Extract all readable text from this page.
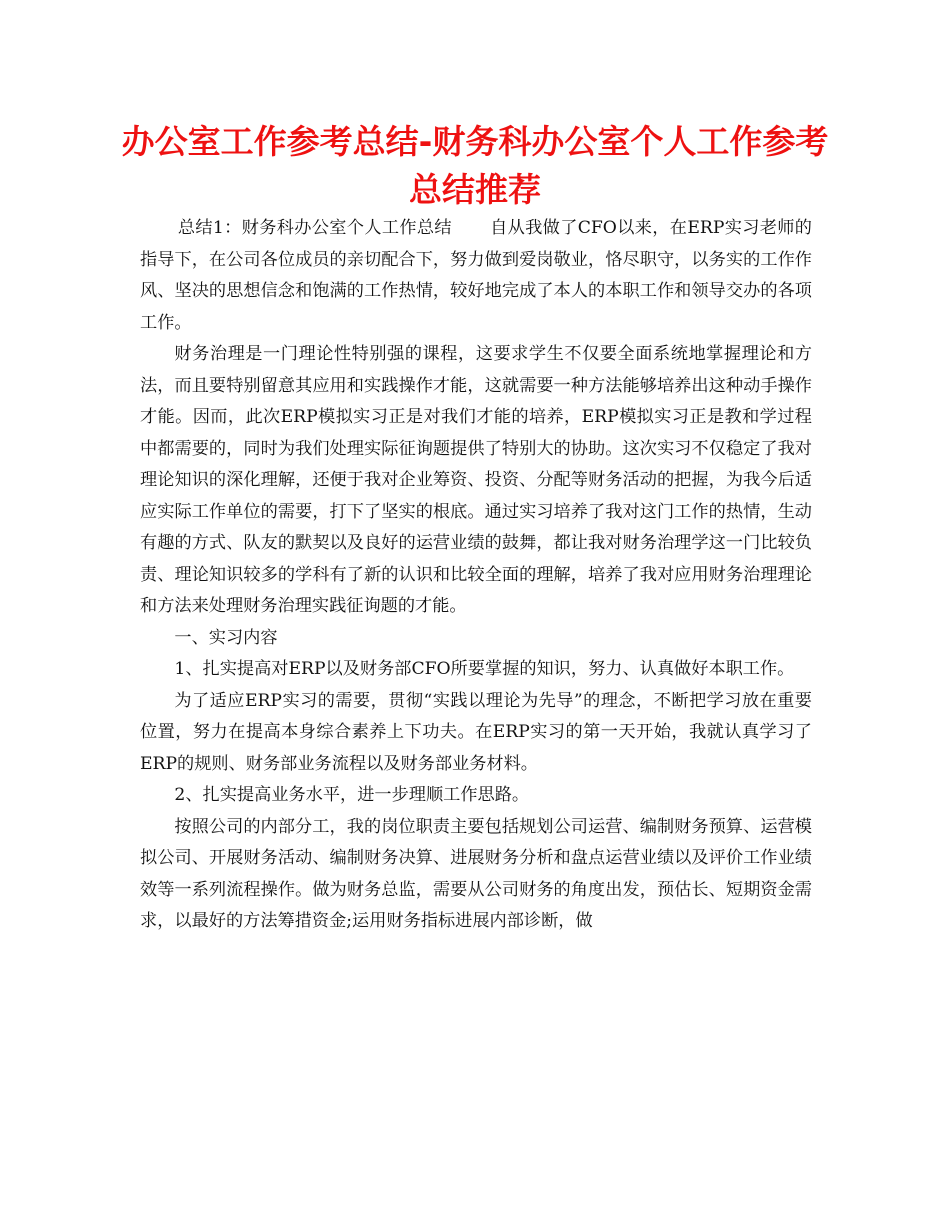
办公室工作参考总结-财务科办公室个人工作参考总结推荐

总结1：财务科办公室个人工作总结 自从我做了CFO以来，在ERP实习老师的指导下，在公司各位成员的亲切配合下，努力做到爱岗敬业，恪尽职守，以务实的工作作风、坚决的思想信念和饱满的工作热情，较好地完成了本人的本职工作和领导交办的各项工作。

财务治理是一门理论性特别强的课程，这要求学生不仅要全面系统地掌握理论和方法，而且要特别留意其应用和实践操作才能，这就需要一种方法能够培养出这种动手操作才能。因而，此次ERP模拟实习正是对我们才能的培养，ERP模拟实习正是教和学过程中都需要的，同时为我们处理实际征询题提供了特别大的协助。这次实习不仅稳定了我对理论知识的深化理解，还便于我对企业筹资、投资、分配等财务活动的把握，为我今后适应实际工作单位的需要，打下了坚实的根底。通过实习培养了我对这门工作的热情，生动有趣的方式、队友的默契以及良好的运营业绩的鼓舞，都让我对财务治理学这一门比较负责、理论知识较多的学科有了新的认识和比较全面的理解，培养了我对应用财务治理理论和方法来处理财务治理实践征询题的才能。

一、实习内容

1、扎实提高对ERP以及财务部CFO所要掌握的知识，努力、认真做好本职工作。

为了适应ERP实习的需要，贯彻“实践以理论为先导”的理念，不断把学习放在重要位置，努力在提高本身综合素养上下功夫。在ERP实习的第一天开始，我就认真学习了ERP的规则、财务部业务流程以及财务部业务材料。

2、扎实提高业务水平，进一步理顺工作思路。

按照公司的内部分工，我的岗位职责主要包括规划公司运营、编制财务预算、运营模拟公司、开展财务活动、编制财务决算、进展财务分析和盘点运营业绩以及评价工作业绩效等一系列流程操作。做为财务总监，需要从公司财务的角度出发，预估长、短期资金需求，以最好的方法筹措资金;运用财务指标进展内部诊断，做
